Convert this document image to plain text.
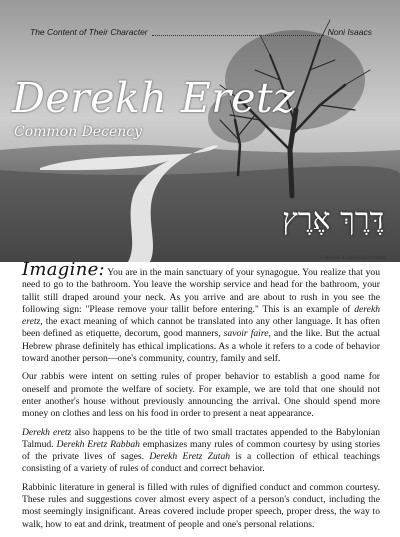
The Content of Their Character	Noni Isaacs
Derekh Eretz
Common Decency
דֶּרֶךְ אֶרֶץ
© Michael S. Yarbrough/CORBIS

Imagine: You are in the main sanctuary of your synagogue. You realize that you need to go to the bathroom. You leave the worship service and head for the bathroom, your tallit still draped around your neck. As you arrive and are about to rush in you see the following sign: "Please remove your tallit before entering." This is an example of derekh eretz, the exact meaning of which cannot be translated into any other language. It has often been defined as etiquette, decorum, good manners, savoir faire, and the like. But the actual Hebrew phrase definitely has ethical implications. As a whole it refers to a code of behavior toward another person—one's community, country, family and self.

Our rabbis were intent on setting rules of proper behavior to establish a good name for oneself and promote the welfare of society. For example, we are told that one should not enter another's house without previously announcing the arrival. One should spend more money on clothes and less on his food in order to present a neat appearance.

Derekh eretz also happens to be the title of two small tractates appended to the Babylonian Talmud. Derekh Eretz Rabbah emphasizes many rules of common courtesy by using stories of the private lives of sages. Derekh Eretz Zutah is a collection of ethical teachings consisting of a variety of rules of conduct and correct behavior.

Rabbinic literature in general is filled with rules of dignified conduct and common courtesy. These rules and suggestions cover almost every aspect of a person's conduct, including the most seemingly insignificant. Areas covered include proper speech, proper dress, the way to walk, how to eat and drink, treatment of people and one's personal relations.
